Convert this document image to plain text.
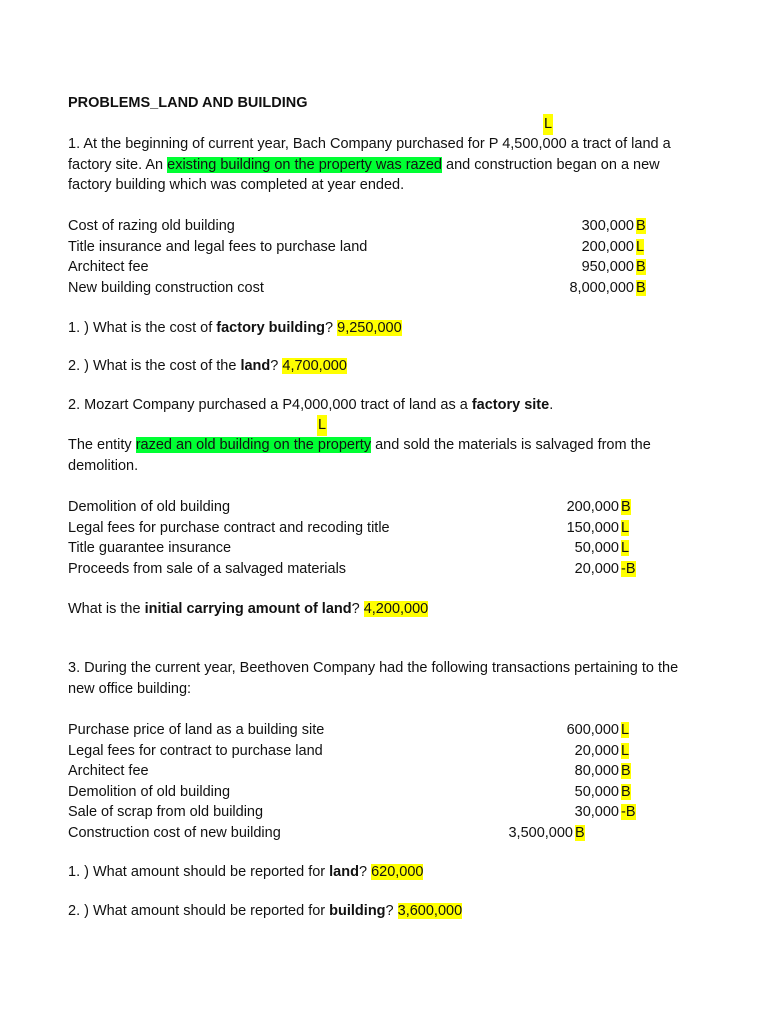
PROBLEMS_LAND AND BUILDING
L
1. At the beginning of current year, Bach Company purchased for P 4,500,000 a tract of land a factory site. An existing building on the property was razed and construction began on a new factory building which was completed at year ended.
Cost of razing old building	300,000 B
Title insurance and legal fees to purchase land	200,000 L
Architect fee	950,000 B
New building construction cost	8,000,000 B
1. ) What is the cost of factory building? 9,250,000
2. ) What is the cost of the land? 4,700,000
2. Mozart Company purchased a P4,000,000 tract of land as a factory site.
L
The entity razed an old building on the property and sold the materials is salvaged from the demolition.
Demolition of old building	200,000 B
Legal fees for purchase contract and recoding title	150,000 L
Title guarantee insurance	50,000 L
Proceeds from sale of a salvaged materials	20,000 -B
What is the initial carrying amount of land? 4,200,000
3. During the current year, Beethoven Company had the following transactions pertaining to the new office building:
Purchase price of land as a building site	600,000 L
Legal fees for contract to purchase land	20,000 L
Architect fee	80,000 B
Demolition of old building	50,000 B
Sale of scrap from old building	30,000 -B
Construction cost of new building	3,500,000 B
1. ) What amount should be reported for land? 620,000
2. ) What amount should be reported for building? 3,600,000
